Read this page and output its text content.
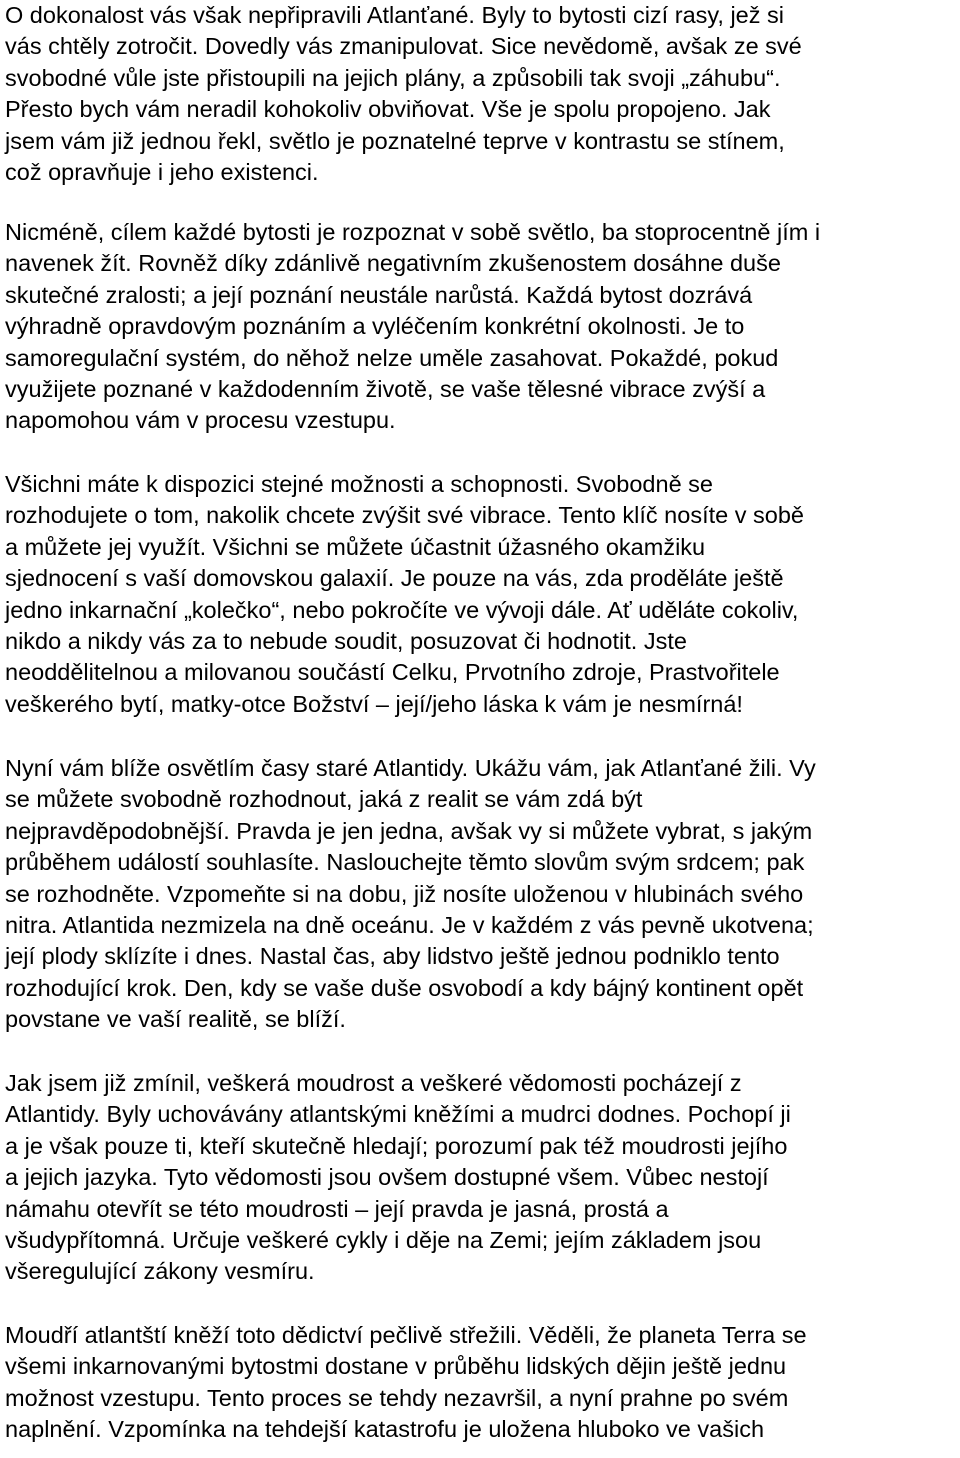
O dokonalost vás však nepřipravili Atlanťané. Byly to bytosti cizí rasy, jež si
vás chtěly zotročit. Dovedly vás zmanipulovat. Sice nevědomě, avšak ze své
svobodné vůle jste přistoupili na jejich plány, a způsobili tak svoji „záhubu“.
Přesto bych vám neradil kohokoliv obviňovat. Vše je spolu propojeno. Jak
jsem vám již jednou řekl, světlo je poznatelné teprve v kontrastu se stínem,
což opravňuje i jeho existenci.
Nicméně, cílem každé bytosti je rozpoznat v sobě světlo, ba stoprocentně jím i
navenek žít. Rovněž díky zdánlivě negativním zkušenostem dosáhne duše
skutečné zralosti; a její poznání neustále narůstá. Každá bytost dozrává
výhradně opravdovým poznáním a vyléčením konkrétní okolnosti. Je to
samoregulační systém, do něhož nelze uměle zasahovat. Pokaždé, pokud
využijete poznané v každodenním životě, se vaše tělesné vibrace zvýší a
napomohou vám v procesu vzestupu.
Všichni máte k dispozici stejné možnosti a schopnosti. Svobodně se
rozhodujete o tom, nakolik chcete zvýšit své vibrace. Tento klíč nosíte v sobě
a můžete jej využít. Všichni se můžete účastnit úžasného okamžiku
sjednocení s vaší domovskou galaxií. Je pouze na vás, zda proděláte ještě
jedno inkarnační „kolečko“, nebo pokročíte ve vývoji dále. Ať uděláte cokoliv,
nikdo a nikdy vás za to nebude soudit, posuzovat či hodnotit. Jste
neoddělitelnou a milovanou součástí Celku, Prvotního zdroje, Prastvořitele
veškerého bytí, matky-otce Božství – její/jeho láska k vám je nesmírná!
Nyní vám blíže osvětlím časy staré Atlantidy. Ukážu vám, jak Atlanťané žili. Vy
se můžete svobodně rozhodnout, jaká z realit se vám zdá být
nejpravděpodobnější. Pravda je jen jedna, avšak vy si můžete vybrat, s jakým
průběhem událostí souhlasíte. Naslouchejte těmto slovům svým srdcem; pak
se rozhodněte. Vzpomeňte si na dobu, již nosíte uloženou v hlubinách svého
nitra. Atlantida nezmizela na dně oceánu. Je v každém z vás pevně ukotvena;
její plody sklízíte i dnes. Nastal čas, aby lidstvo ještě jednou podniklo tento
rozhodující krok. Den, kdy se vaše duše osvobodí a kdy bájný kontinent opět
povstane ve vaší realitě, se blíží.
Jak jsem již zmínil, veškerá moudrost a veškeré vědomosti pocházejí z
Atlantidy. Byly uchovávány atlantskými kněžími a mudrci dodnes. Pochopí ji
a je však pouze ti, kteří skutečně hledají; porozumí pak též moudrosti jejího
a jejich jazyka. Tyto vědomosti jsou ovšem dostupné všem. Vůbec nestojí
námahu otevřít se této moudrosti – její pravda je jasná, prostá a
všudypřítomná. Určuje veškeré cykly i děje na Zemi; jejím základem jsou
všeregulující zákony vesmíru.
Moudří atlantští kněží toto dědictví pečlivě střežili. Věděli, že planeta Terra se
všemi inkarnovanými bytostmi dostane v průběhu lidských dějin ještě jednu
možnost vzestupu. Tento proces se tehdy nezavršil, a nyní prahne po svém
naplnění. Vzpomínka na tehdejší katastrofu je uložena hluboko ve vašich
